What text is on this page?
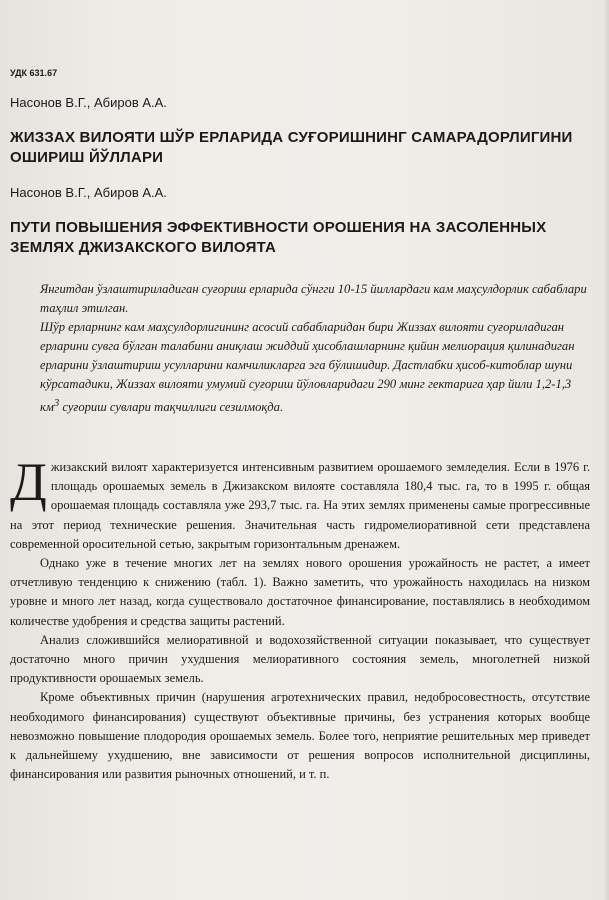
УДК 631.67
Насонов В.Г., Абиров А.А.
ЖИЗЗАХ ВИЛОЯТИ ШЎР ЕРЛАРИДА СУҒОРИШНИНГ САМАРАДОРЛИГИНИ ОШИРИШ ЙЎЛЛАРИ
Насонов В.Г., Абиров А.А.
ПУТИ ПОВЫШЕНИЯ ЭФФЕКТИВНОСТИ ОРОШЕНИЯ НА ЗАСОЛЕННЫХ ЗЕМЛЯХ ДЖИЗАКСКОГО ВИЛОЯТА

Янгитдан ўзлаштириладиган суғориш ерларида сўнгги 10-15 йиллардаги кам маҳсулдорлик сабаблари таҳлил этилган.

Шўр ерларнинг кам маҳсулдорлигининг асосий сабабларидан бири Жиззах вилояти суғориладиган ерларини сувга бўлган талабини аниқлаш жиддий ҳисоблашларнинг қийин мелиорация қилинадиган ерларини ўзлаштириш усулларини камчиликларга эга бўлишидир. Дастлабки ҳисоб-китоблар шуни кўрсатадики, Жиззах вилояти умумий суғориш йўловларидаги 290 минг гектарига ҳар йили 1,2-1,3 $км^3$ суғориш сувлари тақчиллиги сезилмоқда.

Джизакский вилоят характеризуется интенсивным развитием орошаемого земледелия. Если в 1976 г. площадь орошаемых земель в Джизакском вилояте составляла 180,4 тыс. га, то в 1995 г. общая орошаемая площадь составляла уже 293,7 тыс. га. На этих землях применены самые прогрессивные на этот период технические решения. Значительная часть гидромелиоративной сети представлена современной оросительной сетью, закрытым горизонтальным дренажем.

Однако уже в течение многих лет на землях нового орошения урожайность не растет, а имеет отчетливую тенденцию к снижению (табл. 1). Важно заметить, что урожайность находилась на низком уровне и много лет назад, когда существовало достаточное финансирование, поставлялись в необходимом количестве удобрения и средства защиты растений.

Анализ сложившийся мелиоративной и водохозяйственной ситуации показывает, что существует достаточно много причин ухудшения мелиоративного состояния земель, многолетней низкой продуктивности орошаемых земель.

Кроме объективных причин (нарушения агротехнических правил, недобросовестность, отсутствие необходимого финансирования) существуют объективные причины, без устранения которых вообще невозможно повышение плодородия орошаемых земель. Более того, неприятие решительных мер приведет к дальнейшему ухудшению, вне зависимости от решения вопросов исполнительной дисциплины, финансирования или развития рыночных отношений, и т. п.
